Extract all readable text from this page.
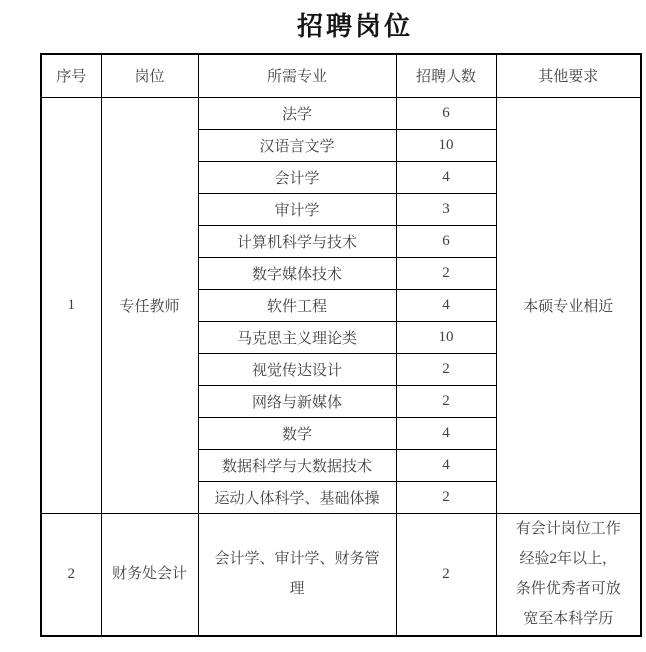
招聘岗位
序号	岗位	所需专业	招聘人数	其他要求
1	专任教师	法学	6	本硕专业相近
		汉语言文学	10	
		会计学	4	
		审计学	3	
		计算机科学与技术	6	
		数字媒体技术	2	
		软件工程	4	
		马克思主义理论类	10	
		视觉传达设计	2	
		网络与新媒体	2	
		数学	4	
		数据科学与大数据技术	4	
		运动人体科学、基础体操	2	
2	财务处会计	会计学、审计学、财务管理	2	有会计岗位工作经验2年以上，条件优秀者可放宽至本科学历
